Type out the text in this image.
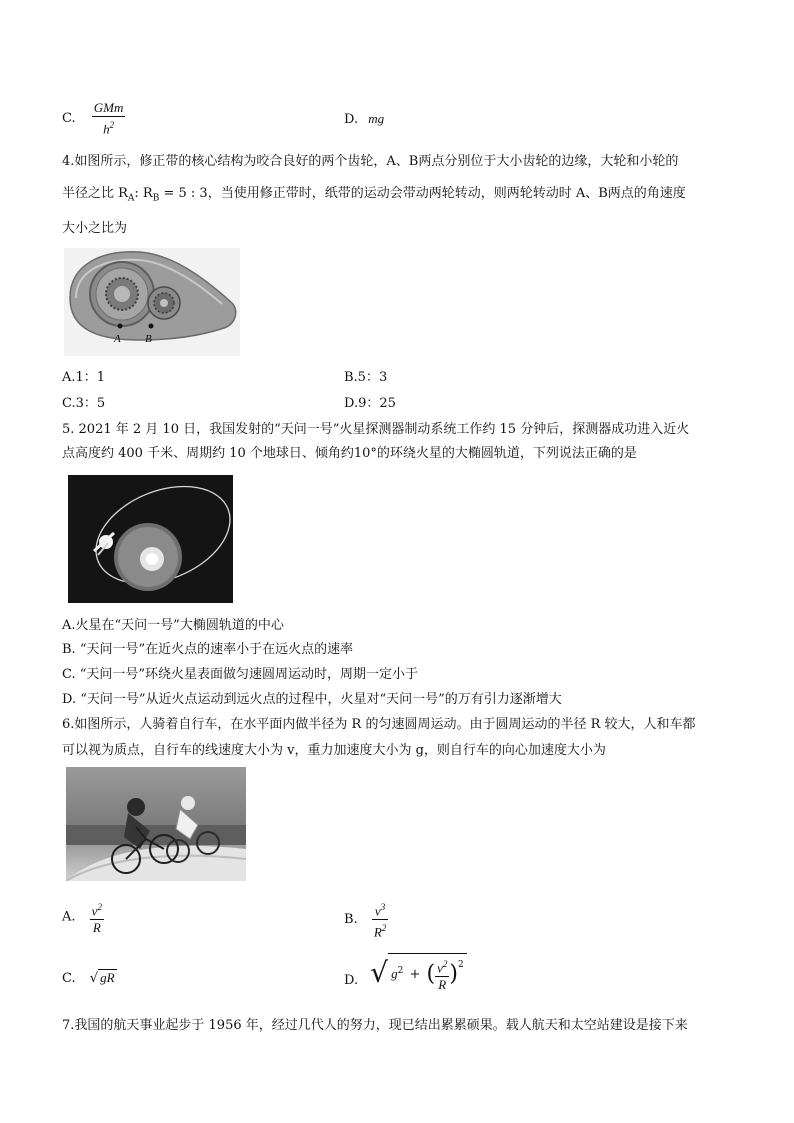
C. $\frac{\text{GMm}}{h^2}$	D. mg
4.如图所示，修正带的核心结构为咬合良好的两个齿轮，A、B两点分别位于大小齿轮的边缘，大轮和小轮的
半径之比 $R_A$: $R_B = 5$ : 3，当使用修正带时，纸带的运动会带动两轮转动，则两轮转动时 A、B两点的角速度
大小之比为
A B
A.1：1	B.5：3
C.3：5	D.9：25
5. 2021 年 2 月 10 日，我国发射的“天问一号”火星探测器制动系统工作约 15 分钟后，探测器成功进入近火
点高度约 400 千米、周期约 10 个地球日、倾角约10°的环绕火星的大椭圆轨道，下列说法正确的是
A.火星在“天问一号”大椭圆轨道的中心
B. “天问一号”在近火点的速率小于在远火点的速率
C. “天问一号”环绕火星表面做匀速圆周运动时，周期一定小于
D. “天问一号”从近火点运动到远火点的过程中，火星对“天问一号”的万有引力逐渐增大
6.如图所示，人骑着自行车，在水平面内做半径为 R 的匀速圆周运动。由于圆周运动的半径 R 较大，人和车都
可以视为质点，自行车的线速度大小为 v，重力加速度大小为 g，则自行车的向心加速度大小为
A. $\frac{v^2}{R}$	B. $\frac{v^3}{R^2}$
C. √ gR	D. √ $g^2$ + ( $\frac{v^2}{R} )^2$
7.我国的航天事业起步于 1956 年，经过几代人的努力，现已结出累累硕果。载人航天和太空站建设是接下来
